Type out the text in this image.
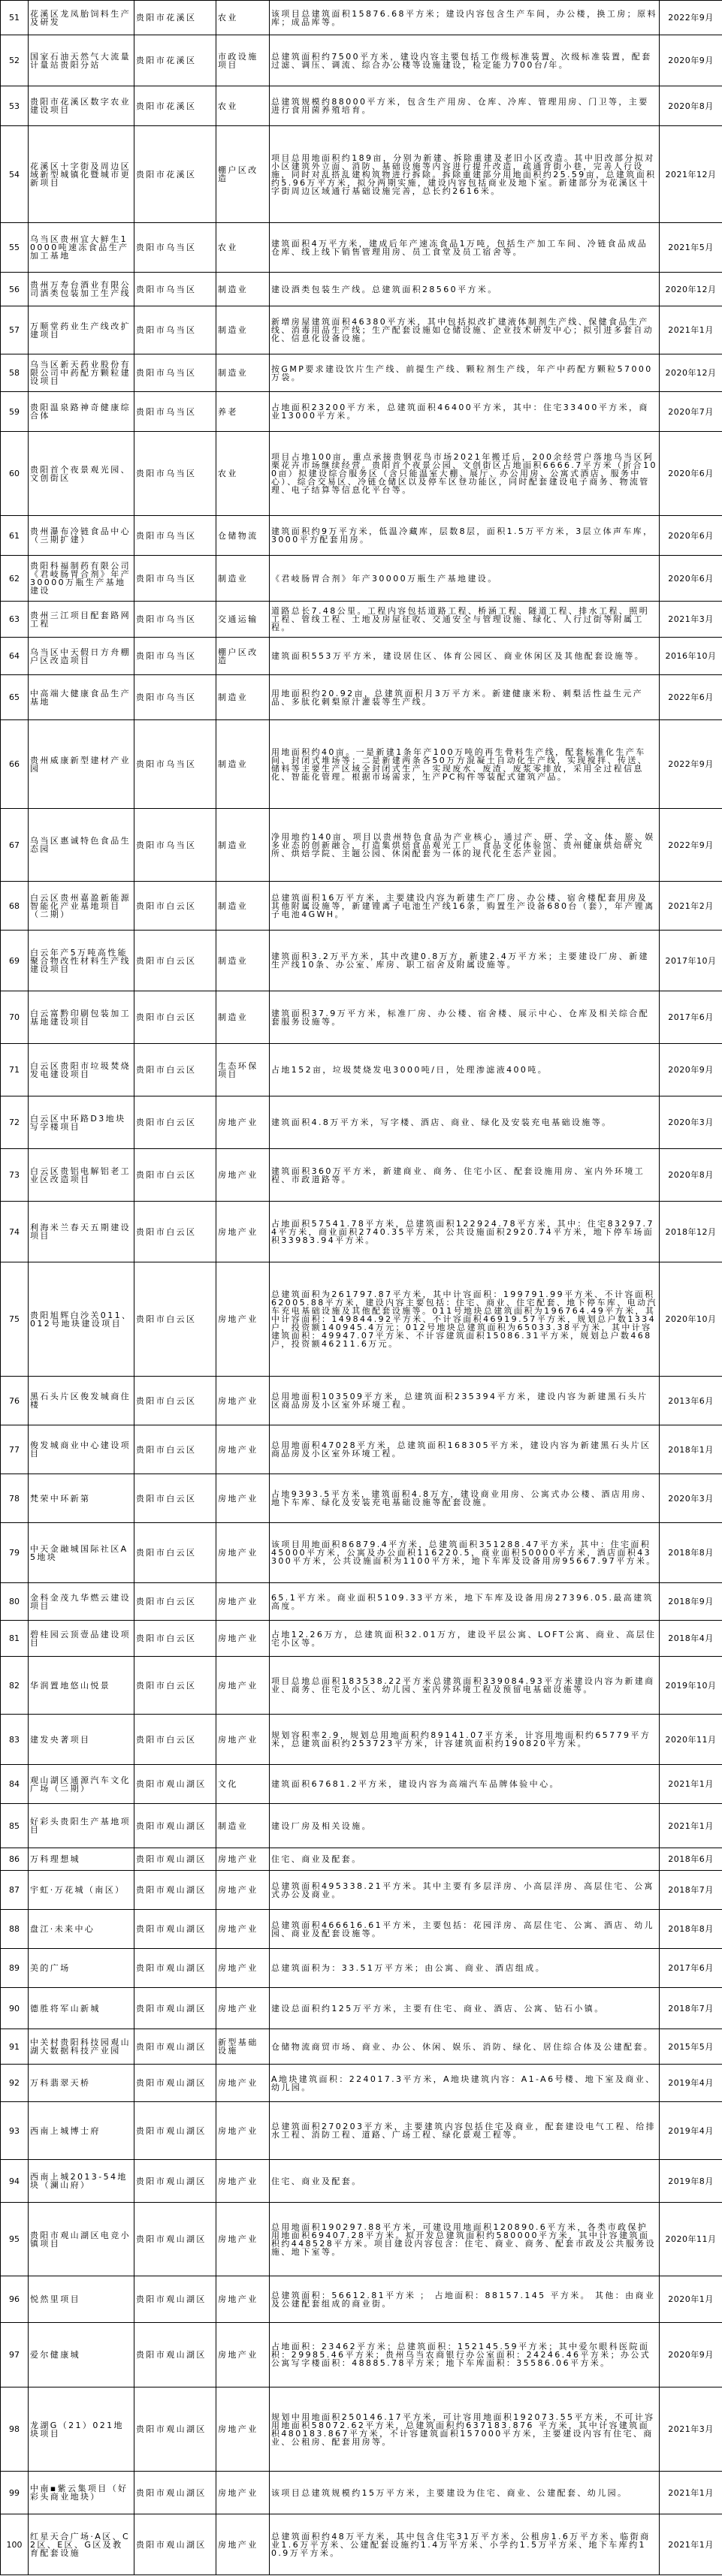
51	花溪区龙凤胎饲料生产及研发	贵阳市花溪区	农业	该项目总建筑面积15876.68平方米；建设内容包含生产车间，办公楼，换工房；原料库；成品库等。	2022年9月
52	国家石油天然气大流量计量站贵阳分站	贵阳市花溪区	市政设施项目	总建筑面积约7500平方米，建设内容主要包括工作级标准装置、次级标准装置，配套过滤、调压、调流、综合办公楼等设施建设，检定能力700台/年。	2020年9月
53	贵阳市花溪区数字农业建设项目	贵阳市花溪区	农业	总建筑规模约88000平方米，包含生产用房、仓库、冷库、管理用房、门卫等，主要进行食用菌养殖培育。	2020年8月
54	花溪区十字街及周边区域新型城镇化暨城市更新项目	贵阳市花溪区	棚户区改造	项目总用地面积约189亩，分别为新建、拆除重建及老旧小区改造。其中旧改部分拟对小区建筑外立面、消防、基础设施等内容进行提升改造，疏通背街小巷，完善人行设施，同时对乱搭乱建构筑物进行拆除。拆除重建部分用地面积约25.59亩，总建筑面积约5.96万平方米，拟分两期实施，建设内容包括商业及地下室。新建部分为花溪区十字街周边区域通行基础设施完善，总长约2616米。	2021年12月
55	乌当区贵州宜大鲜生10000吨速冻食品生产加工基地	贵阳市乌当区	农业	建筑面积4万平方米，建成后年产速冻食品1万吨，包括生产加工车间、冷链食品成品仓库、线上线下销售管理用房、员工食堂及员工宿舍等。	2021年5月
56	贵州万寿台酒业有限公司酒类包装加工生产线	贵阳市乌当区	制造业	建设酒类包装生产线。总建筑面积28560平方米。	2020年12月
57	万顺堂药业生产线改扩建项目	贵阳市乌当区	制造业	新增房屋建筑面积46380平方米，其中包括拟改扩建液体制剂生产线、保健食品生产线、消毒用品生产线；生产配套设施如仓储设施、企业技术研发中心；拟引进多套自动化、信息化设备设施。	2021年1月
58	乌当区新天药业股份有限公司中药配方颗粒建设项目	贵阳市乌当区	制造业	按GMP要求建设饮片生产线、前提生产线、颗粒剂生产线，年产中药配方颗粒57000万袋。	2020年12月
59	贵阳温泉路神奇健康综合体	贵阳市乌当区	养老	占地面积23200平方米，总建筑面积46400平方米，其中：住宅33400平方米，商业13000平方米。	2020年7月
60	贵阳首个夜景观光园、文创街区	贵阳市乌当区	农业	项目占地100亩，重点承接贵钢花鸟市场2021年搬迁后，200余经营户落地乌当区阿栗花卉市场继续经营。贵阳首个夜景公园、文创街区占地面积6666.7平方米（折合100亩）拟建设综合服务区（含只能温室大棚、展厅、办公用房、公寓式酒店、服务中心）、综合交易区、冷链仓储区以及停车区登功能区，同时配套建设电子商务、物流管理、电子结算等信息化平台等。	2020年6月
61	贵州瀑布冷链食品中心（三期扩建）	贵阳市乌当区	仓储物流	建筑面积约9万平方米，低温冷藏库，层数8层，面积1.5万平方米，3层立体声车库，3000平方配套用房。	2020年6月
62	贵阳科福制药有限公司《君岐肠胃合剂》年产30000万瓶生产基地建设	贵阳市乌当区	制造业	《君岐肠胃合剂》年产30000万瓶生产基地建设。	2020年6月
63	贵州三江项目配套路网工程	贵阳市乌当区	交通运输	道路总长7.48公里。工程内容包括道路工程、桥涵工程、隧道工程、排水工程、照明工程、管线工程、土地及房屋征收、交通安全与管理设施、绿化、人行过街等附属工程。	2021年3月
64	乌当区中天假日方舟棚户区改造项目	贵阳市乌当区	棚户区改造	建筑面积553万平方米，建设居住区、体育公园区、商业休闲区及其他配套设施等。	2016年10月
65	中高端大健康食品生产基地	贵阳市乌当区	制造业	用地面积约20.92亩，总建筑面积月3万平方米。新建健康米粉、刺梨活性益生元产品、多肽化刺梨原汁灌装等生产线。	2022年6月
66	贵州威康新型建材产业园	贵阳市乌当区	制造业	用地面积约40亩。一是新建1条年产100万吨的再生骨料生产线，配套标准化生产车间、封闭式堆场等；二是新建两条各50万方混凝土自动化生产线，实现搅拌、传送、储料等主要生产区域全封闭式生产，实现废水、废渣、废浆零排放，采用全过程信息化、智能化管理。根据市场需求，生产PC构件等装配式建筑产品。	2022年9月
67	乌当区惠诚特色食品生态园	贵阳市乌当区	制造业	净用地约140亩，项目以贵州特色食品为产业核心，通过产、研、学、文、体、旅、娱多业态的创新融合，打造集烘焙食品观光工厂、食品文化体验馆、贵州健康烘焙研究所、烘焙学院、主题公园、休闲配套为一体的现代化生态产业园。	2022年9月
68	白云区贵州嘉盈新能源智能化产业基地项目（二期）	贵阳市白云区	制造业	总建筑面积16万平方米，主要建设内容为新建生产厂房、办公楼、宿舍楼配套用房及其他附属设施等，新建锂离子电池生产线16条，购置生产设备680台（套），年产锂离子电池4GWH。	2021年2月
69	白云年产5万吨高性能聚合物改性材料生产线建设项目	贵阳市白云区	制造业	建筑面积3.2万平方米，其中改建0.8万方，新建2.4万平方米；主要建设厂房、新建生产线10条、办公室、库房、职工宿舍及附属设施等。	2017年10月
70	白云富黔印刷包装加工基地建设项目	贵阳市白云区	制造业	建筑面积37.9万平方米，标准厂房、办公楼、宿舍楼、展示中心、仓库及相关综合配套服务设施等。	2017年6月
71	白云区贵阳市垃圾焚烧发电建设项目	贵阳市白云区	生态环保项目	占地152亩，垃圾焚烧发电3000吨/日，处理渗滤液400吨。	2020年9月
72	白云区中环路D3地块写字楼项目	贵阳市白云区	房地产业	建筑面积4.8万平方米，写字楼、酒店、商业、绿化及安装充电基础设施等。	2020年3月
73	白云区贵铝电解铝老工业区改造项目	贵阳市白云区	房地产业	建筑面积360万平方米，新建商业、商务、住宅小区、配套设施用房、室内外环境工程、市政道路等。	2020年8月
74	利海米兰春天五期建设项目	贵阳市白云区	房地产业	占地面积57541.78平方米，总建筑面积122924.78平方米，其中：住宅83297.74平方米，商业面积2740.35平方米，公共设施面积2920.74平方米，地下停车场面积33983.94平方米。	2018年12月
75	贵阳旭辉白沙关011、012号地块建设项目	贵阳市白云区	房地产业	总建筑面积为261797.87平方米，其中计容面积：199791.99平方米、不计容面积62005.88平方米，建设内容主要包括：住宅、商业、住宅配套、地下停车库、电动汽车充电基础设施及其他配套设施等。011号地块总建筑面积为196764.49平方米，其中计容面积：149844.92平方米、不计容面积46919.57平方米，规划总户数1334户，投资额140945.4万元；012号地块总建筑面积为65033.38平方米，其中计容建筑面积：49947.07平方米、不计容建筑面积15086.31平方米，规划总户数468户，投资额46211.6万元。	2020年10月
76	黑石头片区俊发城商住楼	贵阳市白云区	房地产业	总用地面积103509平方米，总建筑面积235394平方米，建设内容为新建黑石头片区商品房及小区室外环境工程。	2013年6月
77	俊发城商业中心建设项目	贵阳市白云区	房地产业	总用地面积47028平方米，总建筑面积168305平方米，建设内容为新建黑石头片区商品房及小区室外环境工程。	2018年1月
78	梵荣中环新第	贵阳市白云区	房地产业	占地9393.5平方米，建筑面积4.8万方，建设商业用房、公寓式办公楼、酒店用房、地下车库、绿化及安装充电基础设施等配套设施。	2020年3月
79	中天金融城国际社区A5地块	贵阳市白云区	房地产业	该项目用地面积86879.4平方米，总建筑面积351288.47平方米，其中：住宅面积45000平方米，公寓及办公面积116220.5，商业面积50000平方米，酒店面积43300平方米，公共设施面积为1100平方米，地下车库及设备用房95667.97平方米。	2018年8月
80	金科金茂九华燃云建设项目	贵阳市白云区	房地产业	65.1平方米。商业面积5109.33平方米，地下车库及设备用房27396.05.最高建筑高度。	2018年9月
81	碧桂园云顶壹品建设项目	贵阳市白云区	房地产业	占地12.26万方，总建筑面积32.01万方，建设平层公寓、LOFT公寓、商业、高层住宅小区等。	2018年4月
82	华润置地悠山悦景	贵阳市白云区	房地产业	项目总地总面积183538.22平方米总建筑面积339084.93平方米建设内容为新建商业、商务、住宅及小区、幼儿园、室内外环境工程及预留电基础设施等。	2019年10月
83	建发央著项目	贵阳市白云区	房地产业	规划容积率2.9，规划总用地面积约89141.07平方米，计容用地面积约65779平方米，总建筑面积约253723平方米，计容建筑面积约190820平方米。	2020年11月
84	观山湖区通源汽车文化广场（二期）	贵阳市观山湖区	文化	建筑面积67681.2平方米，建设内容为高端汽车品牌体验中心。	2021年1月
85	好彩头贵阳生产基地项目	贵阳市观山湖区	制造业	建设厂房及相关设施。	2021年1月
86	万科理想城	贵阳市观山湖区	房地产业	住宅、商业及配套。	2018年6月
87	宇虹·万花城（南区）	贵阳市观山湖区	房地产业	总建筑面积495338.21平方米。其中主要有多层洋房、小高层洋房、高层住宅、公寓式办公及商业。	2018年7月
88	盘江·未来中心	贵阳市观山湖区	房地产业	总建筑面积466616.61平方米，主要包括：花园洋房、高层住宅、公寓、酒店、幼儿园、商业及配套设施等。	2018年8月
89	美的广场	贵阳市观山湖区	房地产业	总建筑面积为：33.51万平方米；由公寓、商业、酒店组成。	2017年6月
90	德胜将军山新城	贵阳市观山湖区	房地产业	建设总面积约125万平方米，主要有住宅、商业、酒店、公寓、钻石小镇。	2018年7月
91	中关村贵阳科技园观山湖大数据科技产业园	贵阳市观山湖区	新型基础设施	仓储物流商贸市场、商业、办公、休闲、娱乐、消防、绿化、居住综合体及公建配套。	2015年5月
92	万科翡翠天桥	贵阳市观山湖区	房地产业	A地块建筑面积：224017.3平方米，A地块建筑内容：A1-A6号楼、地下室及商业、幼儿园。	2019年4月
93	西南上城博士府	贵阳市观山湖区	房地产业	总建筑面积270203平方米，主要建筑内容包括住宅及商业，配套建设电气工程、给排水工程、消防工程、道路、广场工程、绿化景观工程等。	2019年4月
94	西南上城2013-54地块（澜山府）	贵阳市观山湖区	房地产业	住宅、商业及配套。	2019年8月
95	贵阳市观山湖区电竞小镇项目	贵阳市观山湖区	房地产业	总用地面积190297.88平方米，可建设用地面积120890.6平方米，各类市政保护用地面积69407.28平方米。拟开发总建筑面积约580000平方米，其中计容建筑面积约448528平方米。项目建设内容包含：住宅、商业、商务、配套市政及公共服务设施、地下室等。	2020年11月
96	悦然里项目	贵阳市观山湖区	房地产业	总建筑面积：56612.81平方米 ； 占地面积：88157.145 平方米。 其他：由商业及公建配套组成的商业街。	2020年1月
97	爱尔健康城	贵阳市观山湖区	房地产业	占地面积：23462平方米；总建筑面积：152145.59平方米；其中爱尔眼科医院面积：29985.46平方米；贵州乌当农商银行办公室面积：24246.46平方米；办公式公寓写字楼面积：48885.78平方米；地下车库面积：35586.06平方米。	2020年9月
98	龙湖G（21）021地块项目	贵阳市观山湖区	房地产业	规划中用地面积250146.17平方米，可计容用地面积192073.55平方米，不可计容用地面积58072.62平方米，总建筑面积约637183.876 平方米，其中计容建筑面积480183.867平方米，不计容建筑面积157000平方米，主要建设内容有住宅、商业、公租房、配套用房等。	2021年3月
99	中南▪紫云集项目（好彩头商业地块）	贵阳市观山湖区	房地产业	该项目总建筑规模约15万平方米，主要建设为住宅、商业、公建配套、幼儿园。	2021年1月
100	红星天合广场·A区、C2区、E区、G区及教育配套设施	贵阳市观山湖区	房地产业	总建筑面积约48万平方米，其中包含住宅31万平方米、公租房1.6万平方米、临街商业1.6万平方米、公建配套设施约1.4万平方米、小学约1.5万平方米、地下车库约10.9万平方米。	2021年1月
